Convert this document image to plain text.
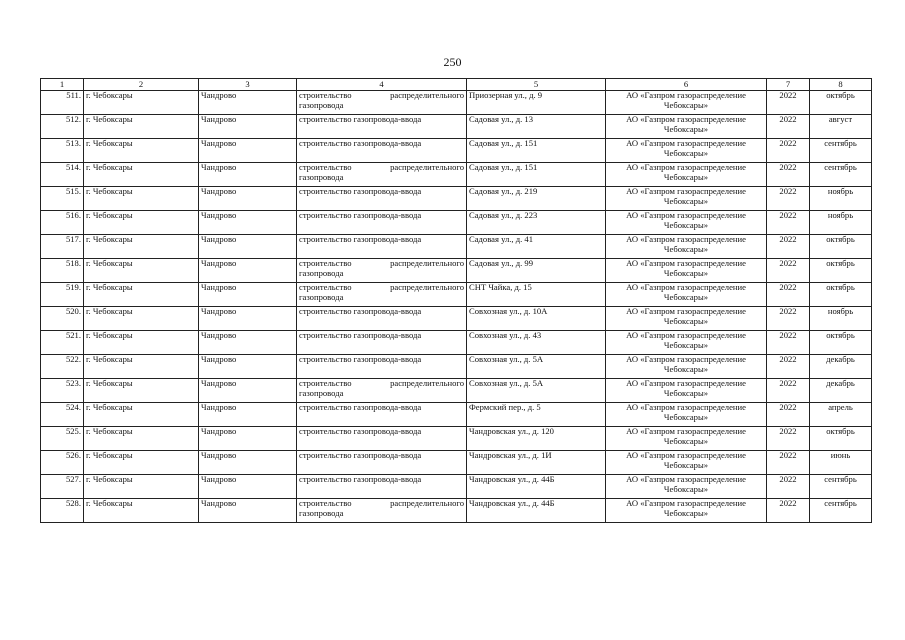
250
1	2	3	4	5	6	7	8
511.	г. Чебоксары	Чандрово	строительство распределительного
газопровода	Приозерная ул., д. 9	АО «Газпром газораспределение
Чебоксары»	2022	октябрь
512.	г. Чебоксары	Чандрово	строительство газопровода-ввода	Садовая ул., д. 13	АО «Газпром газораспределение
Чебоксары»	2022	август
513.	г. Чебоксары	Чандрово	строительство газопровода-ввода	Садовая ул., д. 151	АО «Газпром газораспределение
Чебоксары»	2022	сентябрь
514.	г. Чебоксары	Чандрово	строительство распределительного
газопровода	Садовая ул., д. 151	АО «Газпром газораспределение
Чебоксары»	2022	сентябрь
515.	г. Чебоксары	Чандрово	строительство газопровода-ввода	Садовая ул., д. 219	АО «Газпром газораспределение
Чебоксары»	2022	ноябрь
516.	г. Чебоксары	Чандрово	строительство газопровода-ввода	Садовая ул., д. 223	АО «Газпром газораспределение
Чебоксары»	2022	ноябрь
517.	г. Чебоксары	Чандрово	строительство газопровода-ввода	Садовая ул., д. 41	АО «Газпром газораспределение
Чебоксары»	2022	октябрь
518.	г. Чебоксары	Чандрово	строительство распределительного
газопровода	Садовая ул., д. 99	АО «Газпром газораспределение
Чебоксары»	2022	октябрь
519.	г. Чебоксары	Чандрово	строительство распределительного
газопровода	СНТ Чайка, д. 15	АО «Газпром газораспределение
Чебоксары»	2022	октябрь
520.	г. Чебоксары	Чандрово	строительство газопровода-ввода	Совхозная ул., д. 10А	АО «Газпром газораспределение
Чебоксары»	2022	ноябрь
521.	г. Чебоксары	Чандрово	строительство газопровода-ввода	Совхозная ул., д. 43	АО «Газпром газораспределение
Чебоксары»	2022	октябрь
522.	г. Чебоксары	Чандрово	строительство газопровода-ввода	Совхозная ул., д. 5А	АО «Газпром газораспределение
Чебоксары»	2022	декабрь
523.	г. Чебоксары	Чандрово	строительство распределительного
газопровода	Совхозная ул., д. 5А	АО «Газпром газораспределение
Чебоксары»	2022	декабрь
524.	г. Чебоксары	Чандрово	строительство газопровода-ввода	Фермский пер., д. 5	АО «Газпром газораспределение
Чебоксары»	2022	апрель
525.	г. Чебоксары	Чандрово	строительство газопровода-ввода	Чандровская ул., д. 120	АО «Газпром газораспределение
Чебоксары»	2022	октябрь
526.	г. Чебоксары	Чандрово	строительство газопровода-ввода	Чандровская ул., д. 1И	АО «Газпром газораспределение
Чебоксары»	2022	июнь
527.	г. Чебоксары	Чандрово	строительство газопровода-ввода	Чандровская ул., д. 44Б	АО «Газпром газораспределение
Чебоксары»	2022	сентябрь
528.	г. Чебоксары	Чандрово	строительство распределительного
газопровода	Чандровская ул., д. 44Б	АО «Газпром газораспределение
Чебоксары»	2022	сентябрь
